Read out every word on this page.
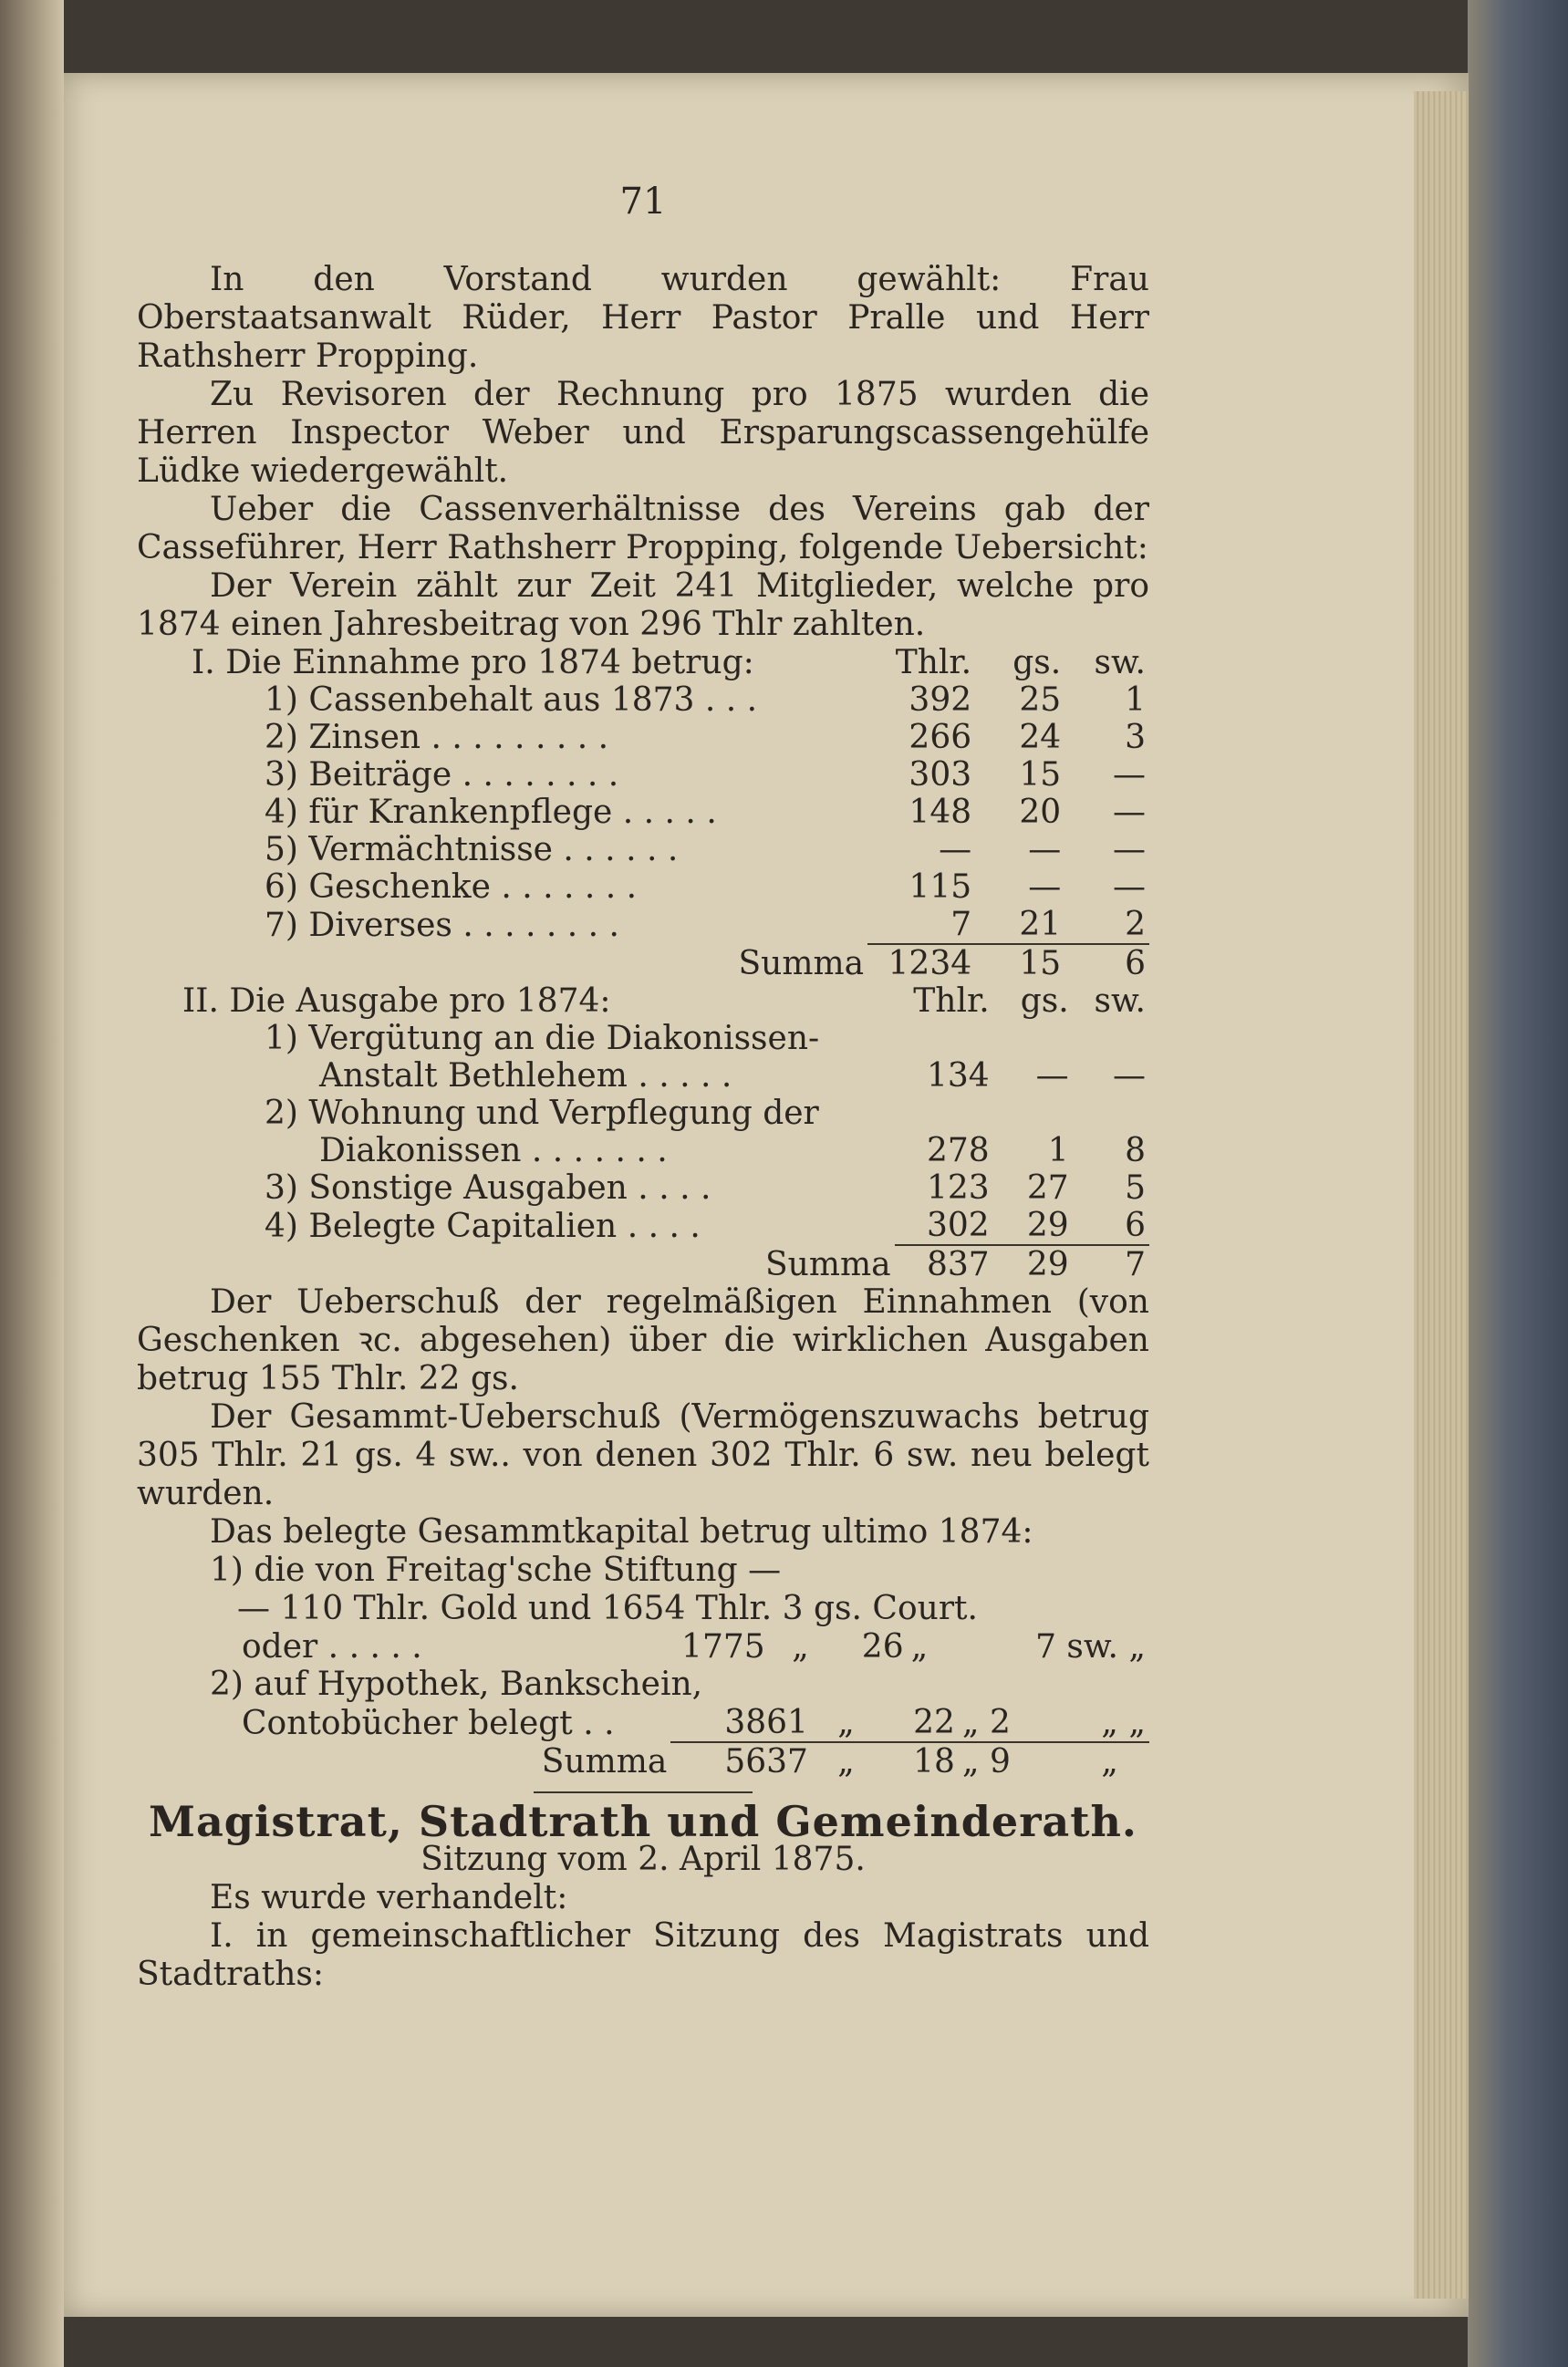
71

In den Vorstand wurden gewählt: Frau Oberstaatsanwalt Rüder, Herr Pastor Pralle und Herr Rathsherr Propping.

Zu Revisoren der Rechnung pro 1875 wurden die Herren Inspector Weber und Ersparungscassengehülfe Lüdke wiedergewählt.

Ueber die Cassenverhältnisse des Vereins gab der Casseführer, Herr Rathsherr Propping, folgende Uebersicht:

Der Verein zählt zur Zeit 241 Mitglieder, welche pro 1874 einen Jahresbeitrag von 296 Thlr zahlten.

I. Die Einnahme pro 1874 betrug:	Thlr.	gs.	sw.
1) Cassenbehalt aus 1873 . . .	392	25	1
2) Zinsen . . . . . . . . .	266	24	3
3) Beiträge . . . . . . . .	303	15	—
4) für Krankenpflege . . . . .	148	20	—
5) Vermächtnisse . . . . . .	—	—	—
6) Geschenke . . . . . . .	115	—	—
7) Diverses . . . . . . . .	7	21	2
Summa	1234	15	6
II. Die Ausgabe pro 1874:	Thlr.	gs.	sw.
1) Vergütung an die Diakonissen-			
Anstalt Bethlehem . . . . .	134	—	—
2) Wohnung und Verpflegung der			
Diakonissen . . . . . . .	278	1	8
3) Sonstige Ausgaben . . . .	123	27	5
4) Belegte Capitalien . . . .	302	29	6
Summa	837	29	7

Der Ueberschuß der regelmäßigen Einnahmen (von Geschenken ꝛc. abgesehen) über die wirklichen Ausgaben betrug 155 Thlr. 22 gs.

Der Gesammt-Ueberschuß (Vermögenszuwachs betrug 305 Thlr. 21 gs. 4 sw.. von denen 302 Thlr. 6 sw. neu belegt wurden.

Das belegte Gesammtkapital betrug ultimo 1874:

1) die von Freitag'sche Stiftung —
— 110 Thlr. Gold und 1654 Thlr. 3 gs. Court.
oder . . . . .	1775	„	26	„	7 sw. „
2) auf Hypothek, Bankschein,
Contobücher belegt . .	3861	„	22	„ 2	„ „
Summa	5637	„	18	„ 9	„
Magistrat, Stadtrath und Gemeinderath.
Sitzung vom 2. April 1875.

Es wurde verhandelt:

I. in gemeinschaftlicher Sitzung des Magistrats und Stadtraths:
